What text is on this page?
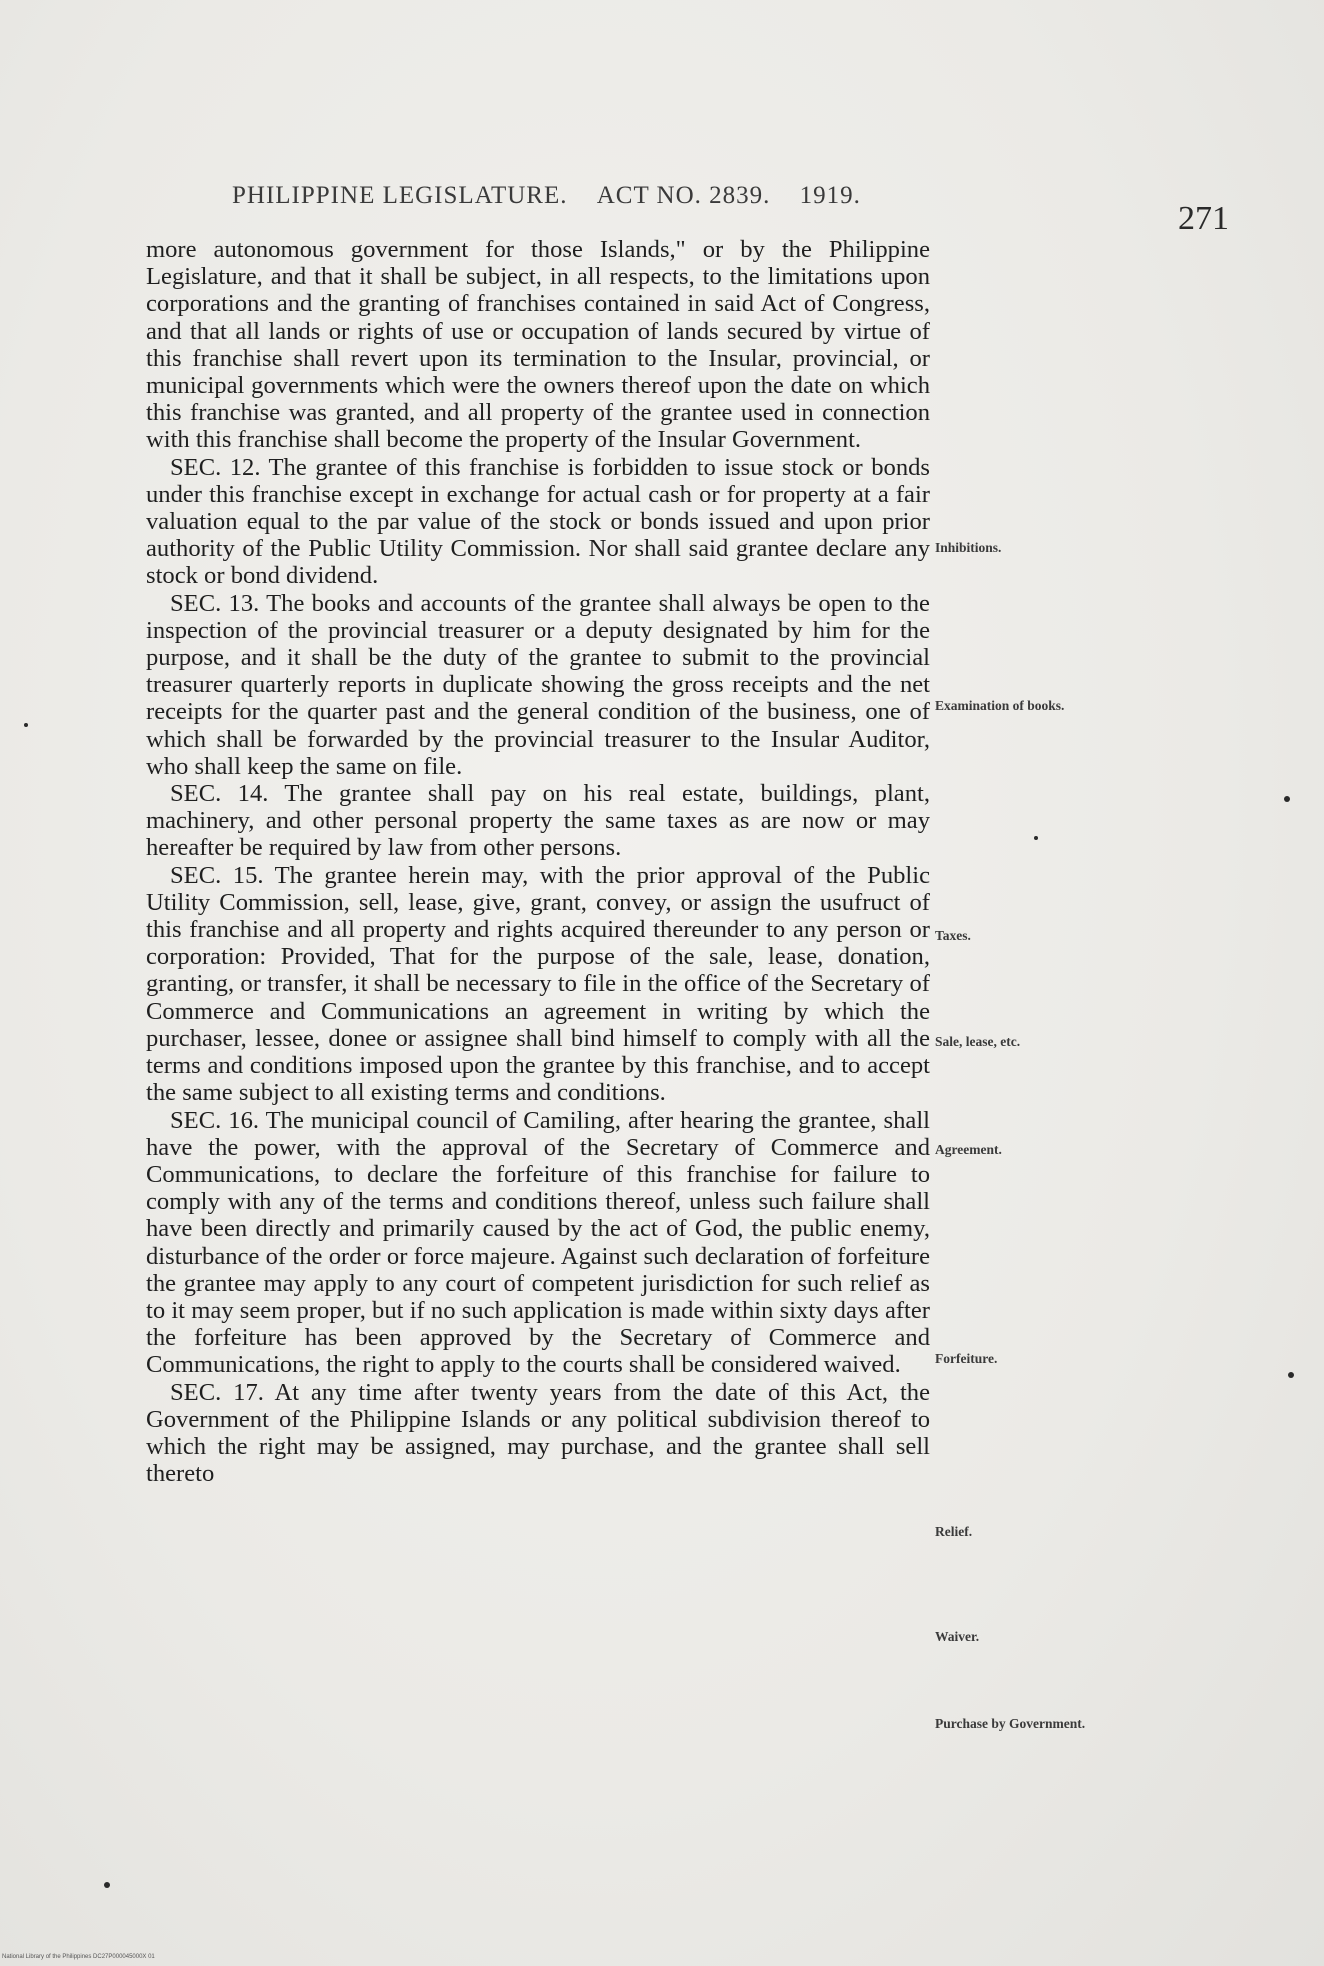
PHILIPPINE LEGISLATURE. ACT NO. 2839. 1919.
271

more autonomous government for those Islands," or by the Philippine Legislature, and that it shall be subject, in all respects, to the limitations upon corporations and the granting of franchises contained in said Act of Congress, and that all lands or rights of use or occupation of lands secured by virtue of this franchise shall revert upon its termination to the Insular, provincial, or municipal governments which were the owners thereof upon the date on which this franchise was granted, and all property of the grantee used in connection with this franchise shall become the property of the Insular Government.

SEC. 12. The grantee of this franchise is forbidden to issue stock or bonds under this franchise except in exchange for actual cash or for property at a fair valuation equal to the par value of the stock or bonds issued and upon prior authority of the Public Utility Commission. Nor shall said grantee declare any stock or bond dividend.

SEC. 13. The books and accounts of the grantee shall always be open to the inspection of the provincial treasurer or a deputy designated by him for the purpose, and it shall be the duty of the grantee to submit to the provincial treasurer quarterly reports in duplicate showing the gross receipts and the net receipts for the quarter past and the general condition of the business, one of which shall be forwarded by the provincial treasurer to the Insular Auditor, who shall keep the same on file.

SEC. 14. The grantee shall pay on his real estate, buildings, plant, machinery, and other personal property the same taxes as are now or may hereafter be required by law from other persons.

SEC. 15. The grantee herein may, with the prior approval of the Public Utility Commission, sell, lease, give, grant, convey, or assign the usufruct of this franchise and all property and rights acquired thereunder to any person or corporation: Provided, That for the purpose of the sale, lease, donation, granting, or transfer, it shall be necessary to file in the office of the Secretary of Commerce and Communications an agreement in writing by which the purchaser, lessee, donee or assignee shall bind himself to comply with all the terms and conditions imposed upon the grantee by this franchise, and to accept the same subject to all existing terms and conditions.

SEC. 16. The municipal council of Camiling, after hearing the grantee, shall have the power, with the approval of the Secretary of Commerce and Communications, to declare the forfeiture of this franchise for failure to comply with any of the terms and conditions thereof, unless such failure shall have been directly and primarily caused by the act of God, the public enemy, disturbance of the order or force majeure. Against such declaration of forfeiture the grantee may apply to any court of competent jurisdiction for such relief as to it may seem proper, but if no such application is made within sixty days after the forfeiture has been approved by the Secretary of Commerce and Communications, the right to apply to the courts shall be considered waived.

SEC. 17. At any time after twenty years from the date of this Act, the Government of the Philippine Islands or any political subdivision thereof to which the right may be assigned, may purchase, and the grantee shall sell thereto

Inhibitions.
Examination of books.
Taxes.
Sale, lease, etc.
Agreement.
Forfeiture.
Relief.
Waiver.
Purchase by Government.
National Library of the Philippines DC27P000045000X 01
